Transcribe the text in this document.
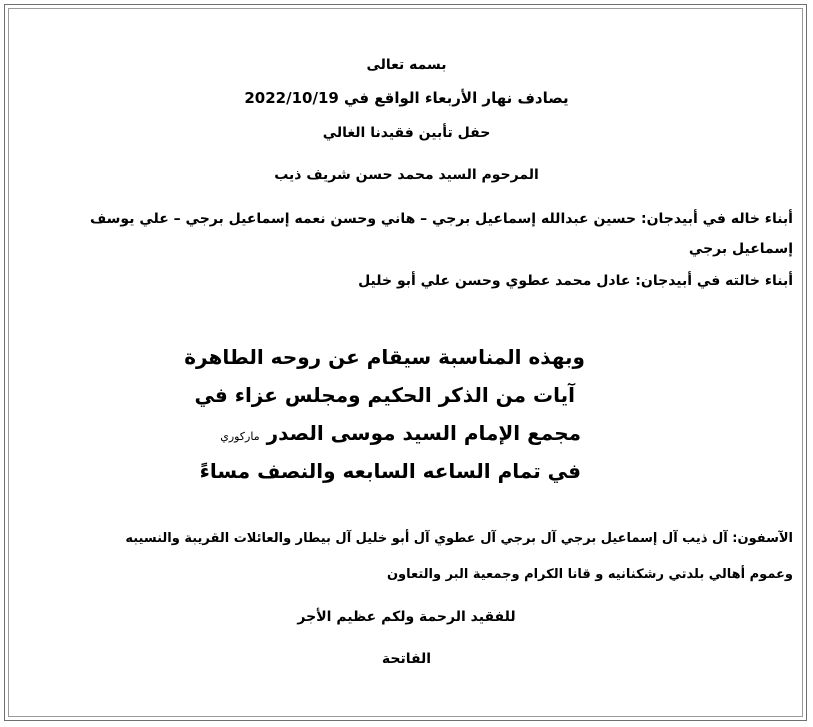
بسمه تعالى
يصادف نهار الأربعاء الواقع في 2022/10/19
حفل تأبين فقيدنا الغالي
المرحوم السيد محمد حسن شريف ذيب
أبناء خاله في أبيدجان: حسين عبدالله إسماعيل برجي – هاني وحسن نعمه إسماعيل برجي – علي يوسف إسماعيل برجي
أبناء خالته في أبيدجان: عادل محمد عطوي وحسن علي أبو خليل
وبهذه المناسبة سيقام عن روحه الطاهرة
آيات من الذكر الحكيم ومجلس عزاء في
مجمع الإمام السيد موسى الصدر ماركوري
في تمام الساعه السابعه والنصف مساءً
الآسفون: آل ذيب آل إسماعيل برجي آل برجي آل عطوي آل أبو خليل آل بيطار والعائلات القريبة والنسيبه
وعموم أهالي بلدتي رشكنانيه و قانا الكرام وجمعية البر والتعاون
للفقيد الرحمة ولكم عظيم الأجر
الفاتحة
